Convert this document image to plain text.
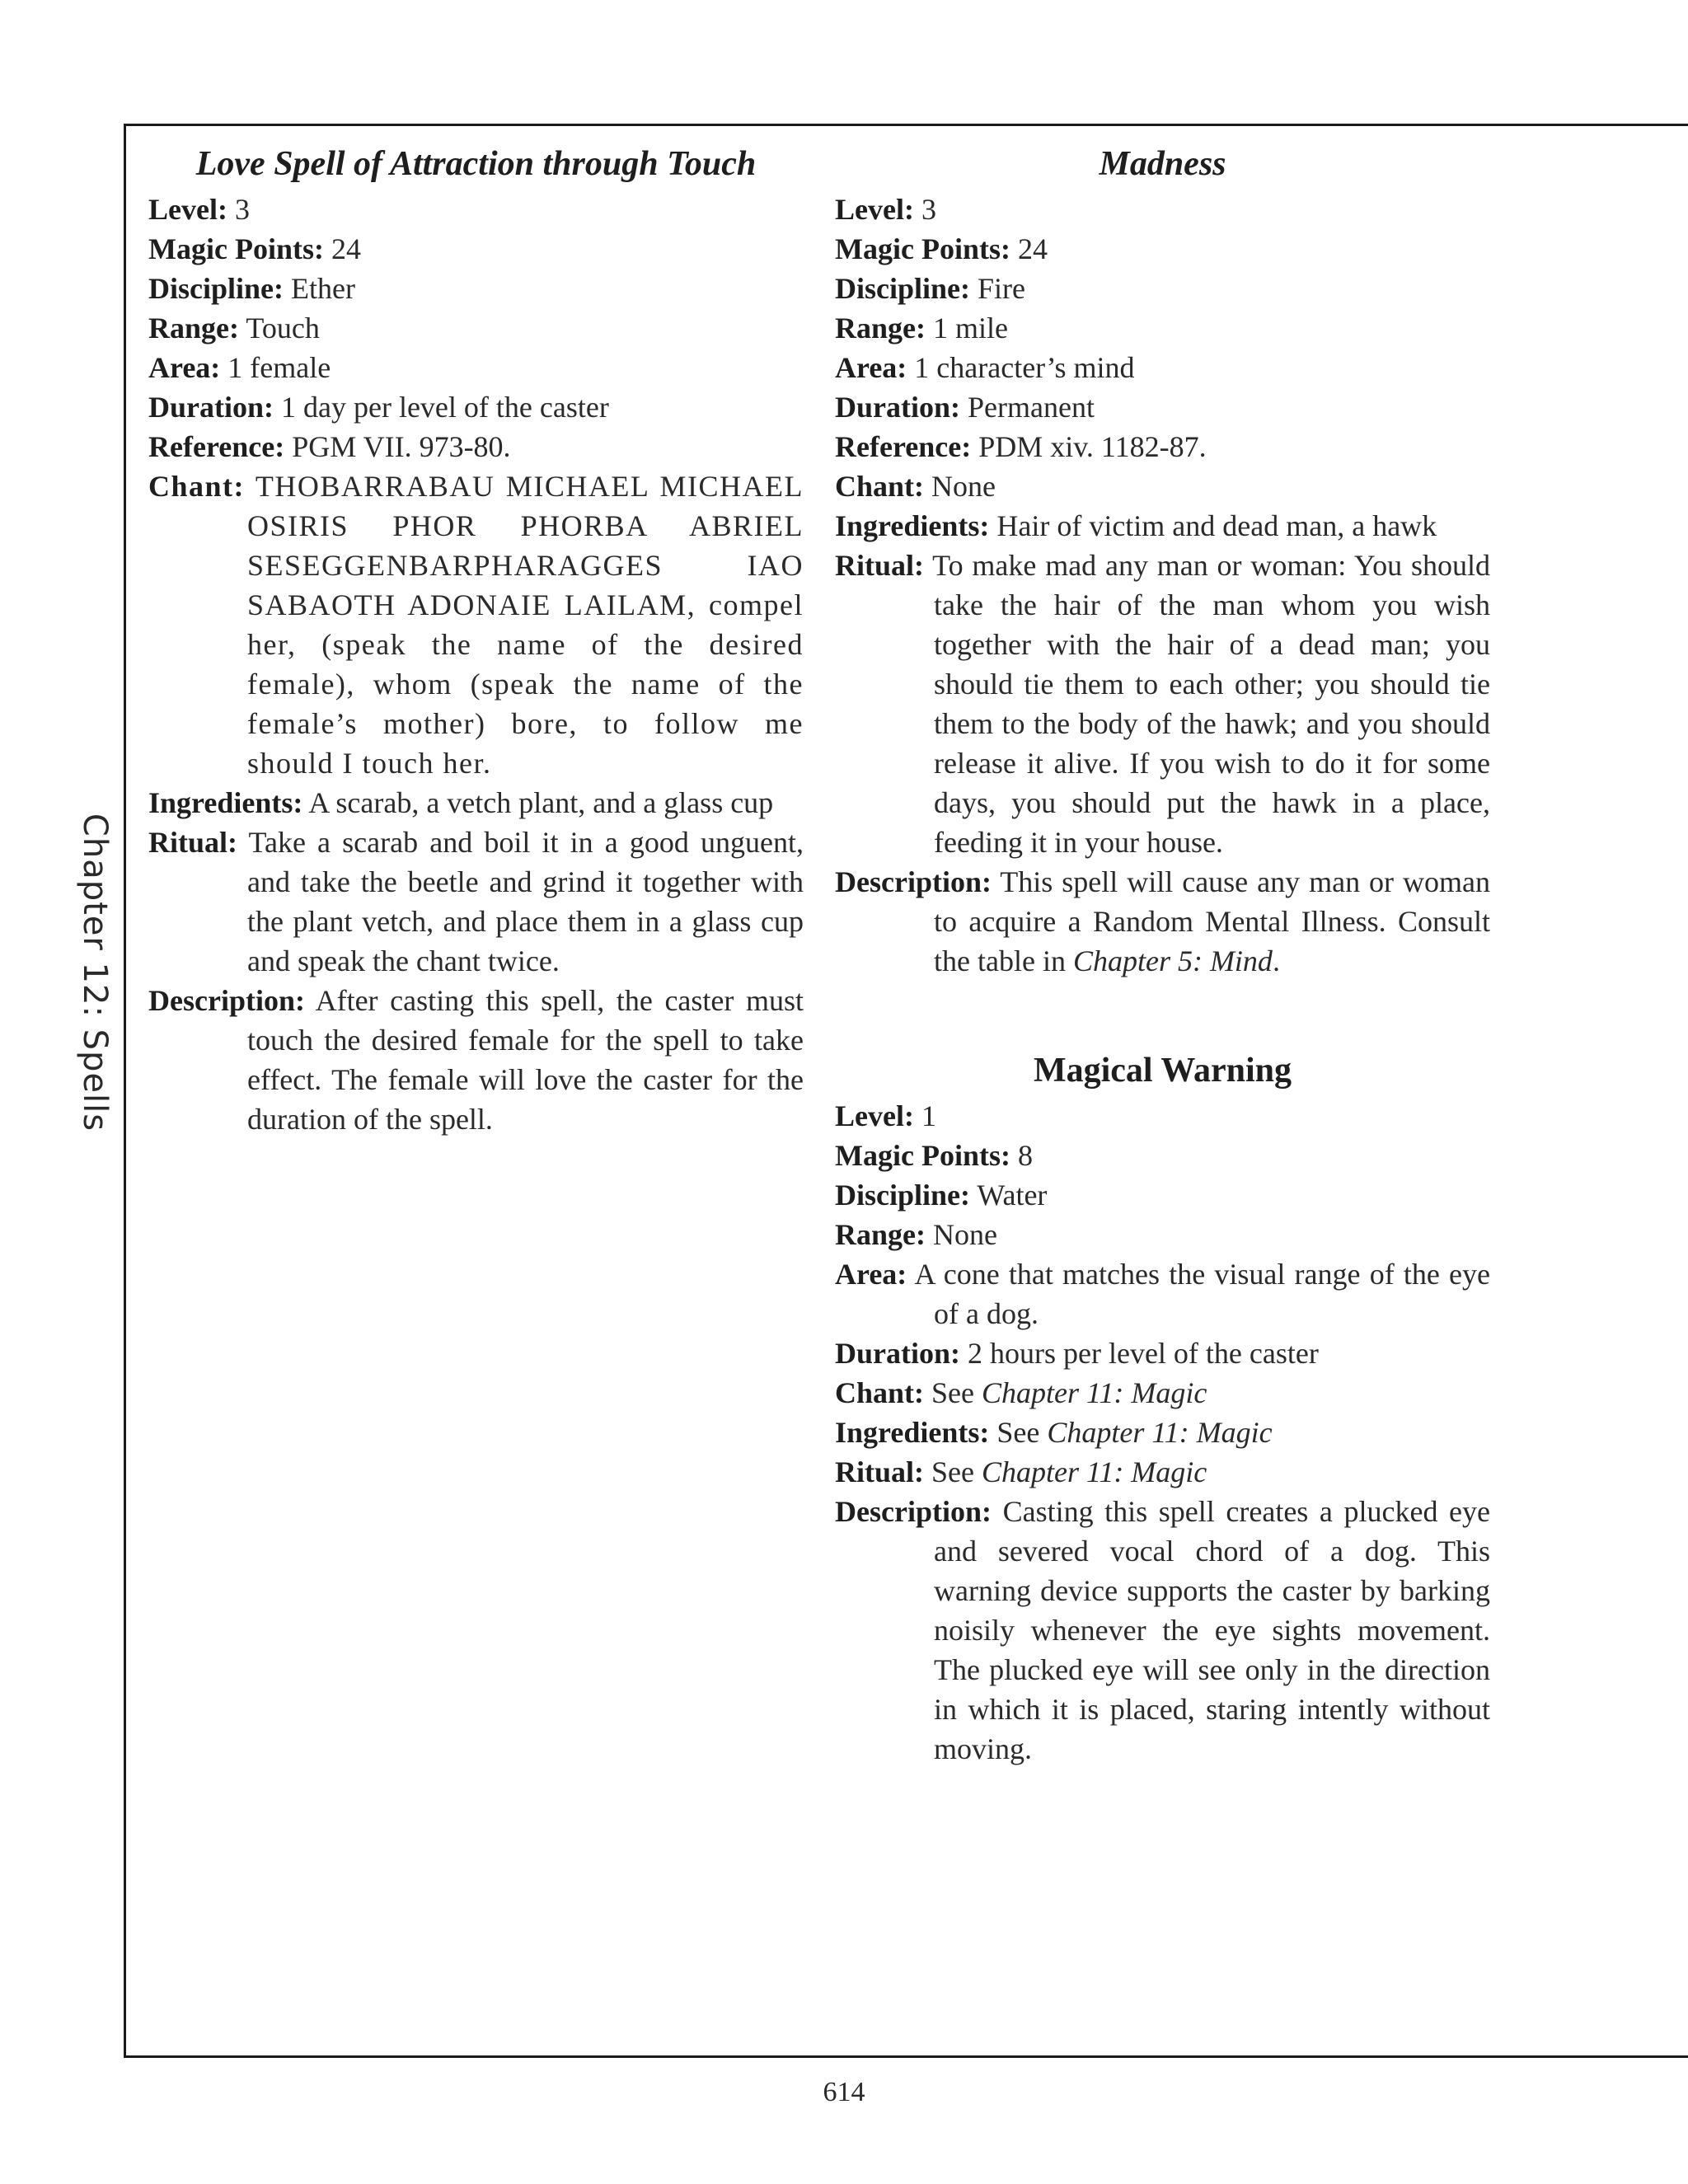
Chapter 12: Spells
Love Spell of Attraction through Touch

Level: 3

Magic Points: 24

Discipline: Ether

Range: Touch

Area: 1 female

Duration: 1 day per level of the caster

Reference: PGM VII. 973-80.

Chant: THOBARRABAU MICHAEL MICHAEL OSIRIS PHOR PHORBA ABRIEL SESEGGENBARPHARAGGES IAO SABAOTH ADONAIE LAILAM, compel her, (speak the name of the desired female), whom (speak the name of the female’s mother) bore, to follow me should I touch her.

Ingredients: A scarab, a vetch plant, and a glass cup

Ritual: Take a scarab and boil it in a good unguent, and take the beetle and grind it together with the plant vetch, and place them in a glass cup and speak the chant twice.

Description: After casting this spell, the caster must touch the desired female for the spell to take effect. The female will love the caster for the duration of the spell.

Madness

Level: 3

Magic Points: 24

Discipline: Fire

Range: 1 mile

Area: 1 character’s mind

Duration: Permanent

Reference: PDM xiv. 1182-87.

Chant: None

Ingredients: Hair of victim and dead man, a hawk

Ritual: To make mad any man or woman: You should take the hair of the man whom you wish together with the hair of a dead man; you should tie them to each other; you should tie them to the body of the hawk; and you should release it alive. If you wish to do it for some days, you should put the hawk in a place, feeding it in your house.

Description: This spell will cause any man or woman to acquire a Random Mental Illness. Consult the table in Chapter 5: Mind.

Magical Warning

Level: 1

Magic Points: 8

Discipline: Water

Range: None

Area: A cone that matches the visual range of the eye of a dog.

Duration: 2 hours per level of the caster

Chant: See Chapter 11: Magic

Ingredients: See Chapter 11: Magic

Ritual: See Chapter 11: Magic

Description: Casting this spell creates a plucked eye and severed vocal chord of a dog. This warning device supports the caster by barking noisily whenever the eye sights movement. The plucked eye will see only in the direction in which it is placed, staring intently without moving.

614
